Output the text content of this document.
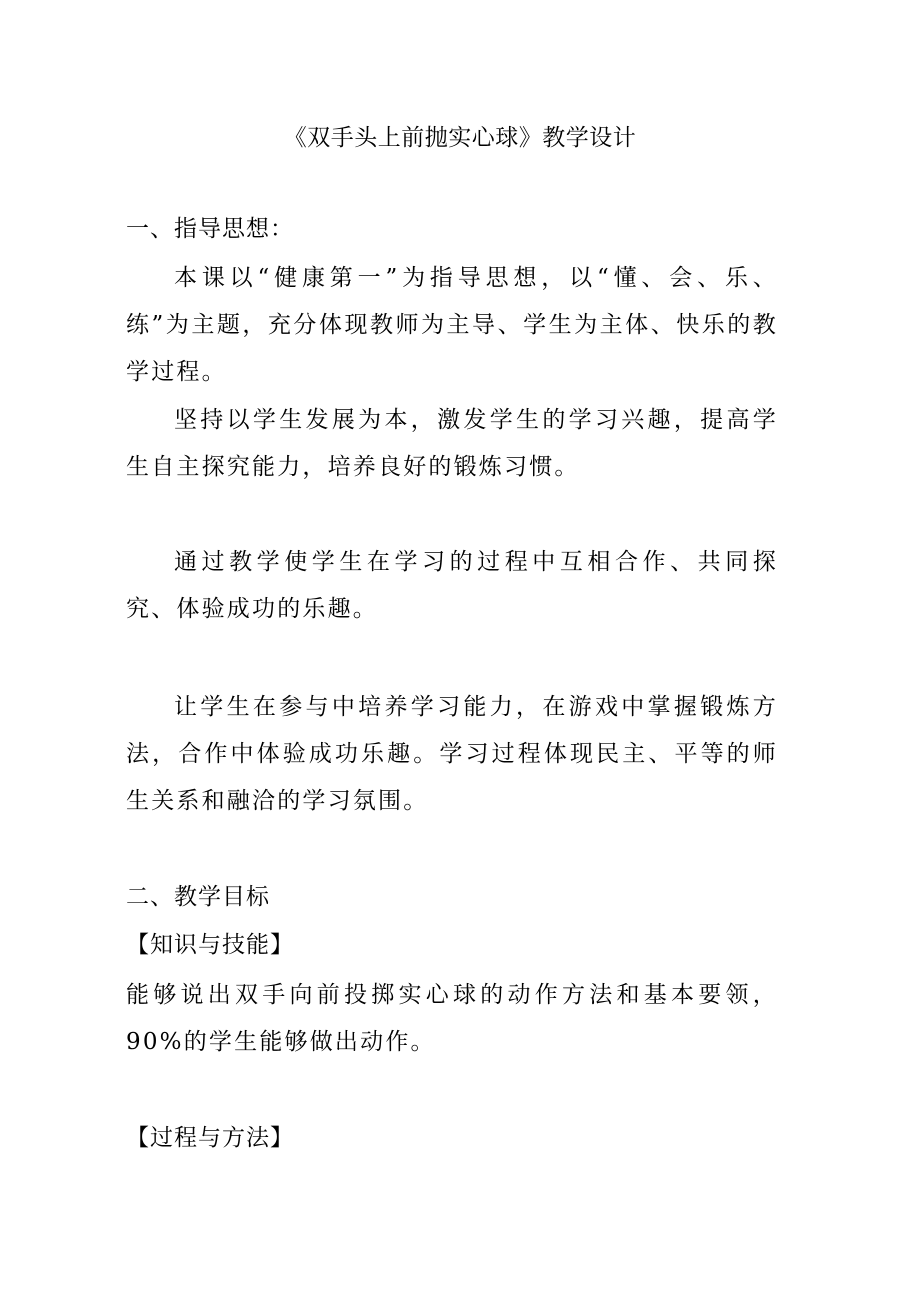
《双手头上前抛实心球》教学设计
一、指导思想：
本课以“健康第一”为指导思想，以“懂、会、乐、练”为主题，充分体现教师为主导、学生为主体、快乐的教学过程。
坚持以学生发展为本，激发学生的学习兴趣，提高学生自主探究能力，培养良好的锻炼习惯。
通过教学使学生在学习的过程中互相合作、共同探究、体验成功的乐趣。
让学生在参与中培养学习能力，在游戏中掌握锻炼方法，合作中体验成功乐趣。学习过程体现民主、平等的师生关系和融洽的学习氛围。
二、教学目标
【知识与技能】
能够说出双手向前投掷实心球的动作方法和基本要领，90%的学生能够做出动作。
【过程与方法】
